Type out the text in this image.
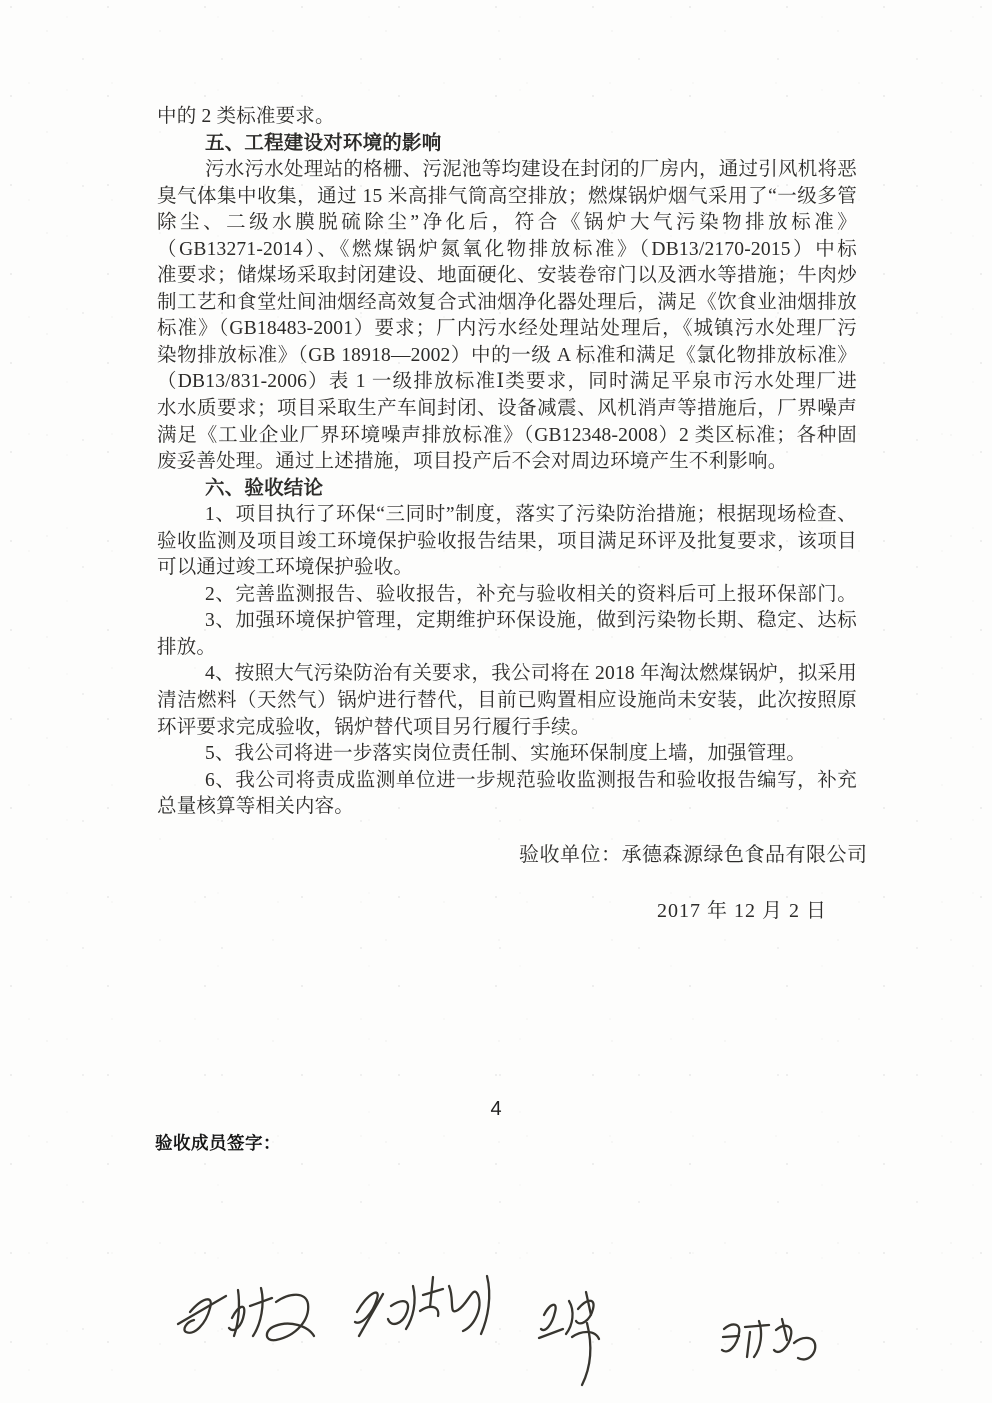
中的 2 类标准要求。
五、工程建设对环境的影响
污水污水处理站的格栅、污泥池等均建设在封闭的厂房内，通过引风机将恶
臭气体集中收集，通过 15 米高排气筒高空排放；燃煤锅炉烟气采用了“一级多管
除尘、二级水膜脱硫除尘”净化后，符合《锅炉大气污染物排放标准》
（GB13271-2014）、《燃煤锅炉氮氧化物排放标准》（DB13/2170-2015）中标
准要求；储煤场采取封闭建设、地面硬化、安装卷帘门以及洒水等措施；牛肉炒
制工艺和食堂灶间油烟经高效复合式油烟净化器处理后，满足《饮食业油烟排放
标准》（GB18483-2001）要求；厂内污水经处理站处理后，《城镇污水处理厂污
染物排放标准》（GB 18918—2002）中的一级 A 标准和满足《氯化物排放标准》
（DB13/831-2006）表 1 一级排放标准Ⅰ类要求，同时满足平泉市污水处理厂进
水水质要求；项目采取生产车间封闭、设备减震、风机消声等措施后，厂界噪声
满足《工业企业厂界环境噪声排放标准》（GB12348-2008）2 类区标准；各种固
废妥善处理。通过上述措施，项目投产后不会对周边环境产生不利影响。
六、验收结论
1、项目执行了环保“三同时”制度，落实了污染防治措施；根据现场检查、
验收监测及项目竣工环境保护验收报告结果，项目满足环评及批复要求，该项目
可以通过竣工环境保护验收。
2、完善监测报告、验收报告，补充与验收相关的资料后可上报环保部门。
3、加强环境保护管理，定期维护环保设施，做到污染物长期、稳定、达标
排放。
4、按照大气污染防治有关要求，我公司将在 2018 年淘汰燃煤锅炉，拟采用
清洁燃料（天然气）锅炉进行替代，目前已购置相应设施尚未安装，此次按照原
环评要求完成验收，锅炉替代项目另行履行手续。
5、我公司将进一步落实岗位责任制、实施环保制度上墙，加强管理。
6、我公司将责成监测单位进一步规范验收监测报告和验收报告编写，补充
总量核算等相关内容。
验收单位：承德森源绿色食品有限公司
2017 年 12 月 2 日
4
验收成员签字：
